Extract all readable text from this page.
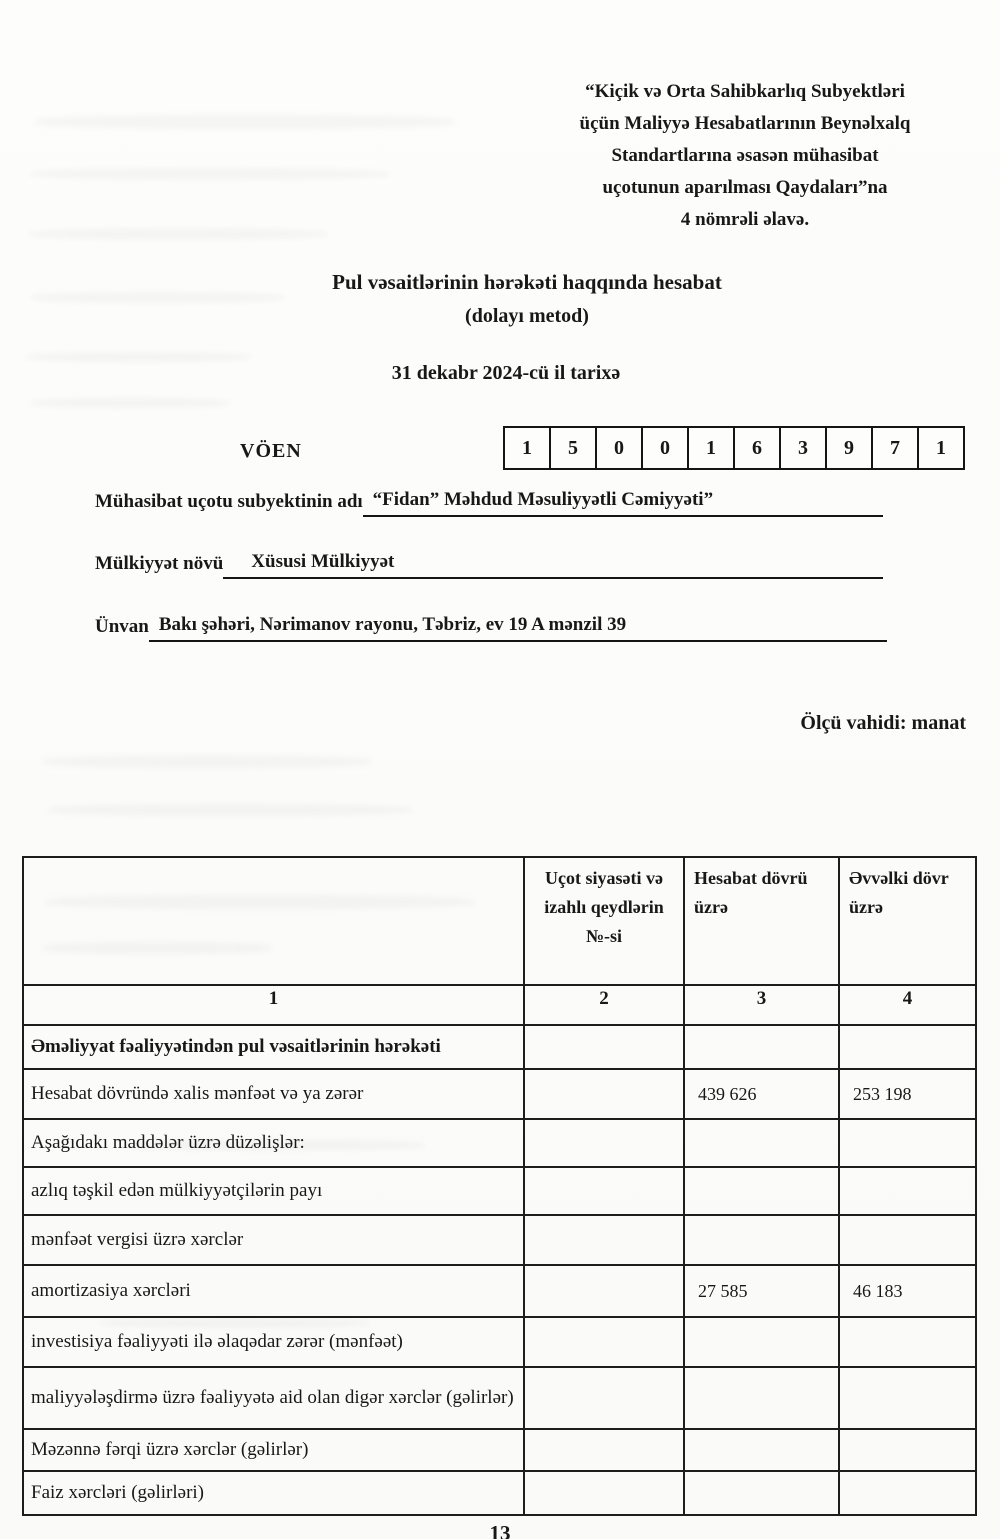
“Kiçik və Orta Sahibkarlıq Subyektləri
üçün Maliyyə Hesabatlarının Beynəlxalq
Standartlarına əsasən mühasibat
uçotunun aparılması Qaydaları”na
4 nömrəli əlavə.
Pul vəsaitlərinin hərəkəti haqqında hesabat
(dolayı metod)
31 dekabr 2024-cü il tarixə
VÖEN	1	5	0	0	1	6	3	9	7	1
Mühasibat uçotu subyektinin adı “Fidan” Məhdud Məsuliyyətli Cəmiyyəti”
Mülkiyyət növü	Xüsusi Mülkiyyət
Ünvan Bakı şəhəri, Nərimanov rayonu, Təbriz, ev 19 A mənzil 39
Ölçü vahidi: manat
	Uçot siyasəti və izahlı qeydlərin №-si	Hesabat dövrü üzrə	Əvvəlki dövr üzrə
1	2	3	4
Əməliyyat fəaliyyətindən pul vəsaitlərinin hərəkəti	

Hesabat dövründə xalis mənfəət və ya zərər		439 626	253 198

Aşağıdakı maddələr üzrə düzəlişlər:	

azlıq təşkil edən mülkiyyətçilərin payı	

mənfəət vergisi üzrə xərclər	

amortizasiya xərcləri		27 585	46 183

investisiya fəaliyyəti ilə əlaqədar zərər (mənfəət)	

maliyyələşdirmə üzrə fəaliyyətə aid olan digər xərclər (gəlirlər)	

Məzənnə fərqi üzrə xərclər (gəlirlər)	

Faiz xərcləri (gəlirləri)	

13
